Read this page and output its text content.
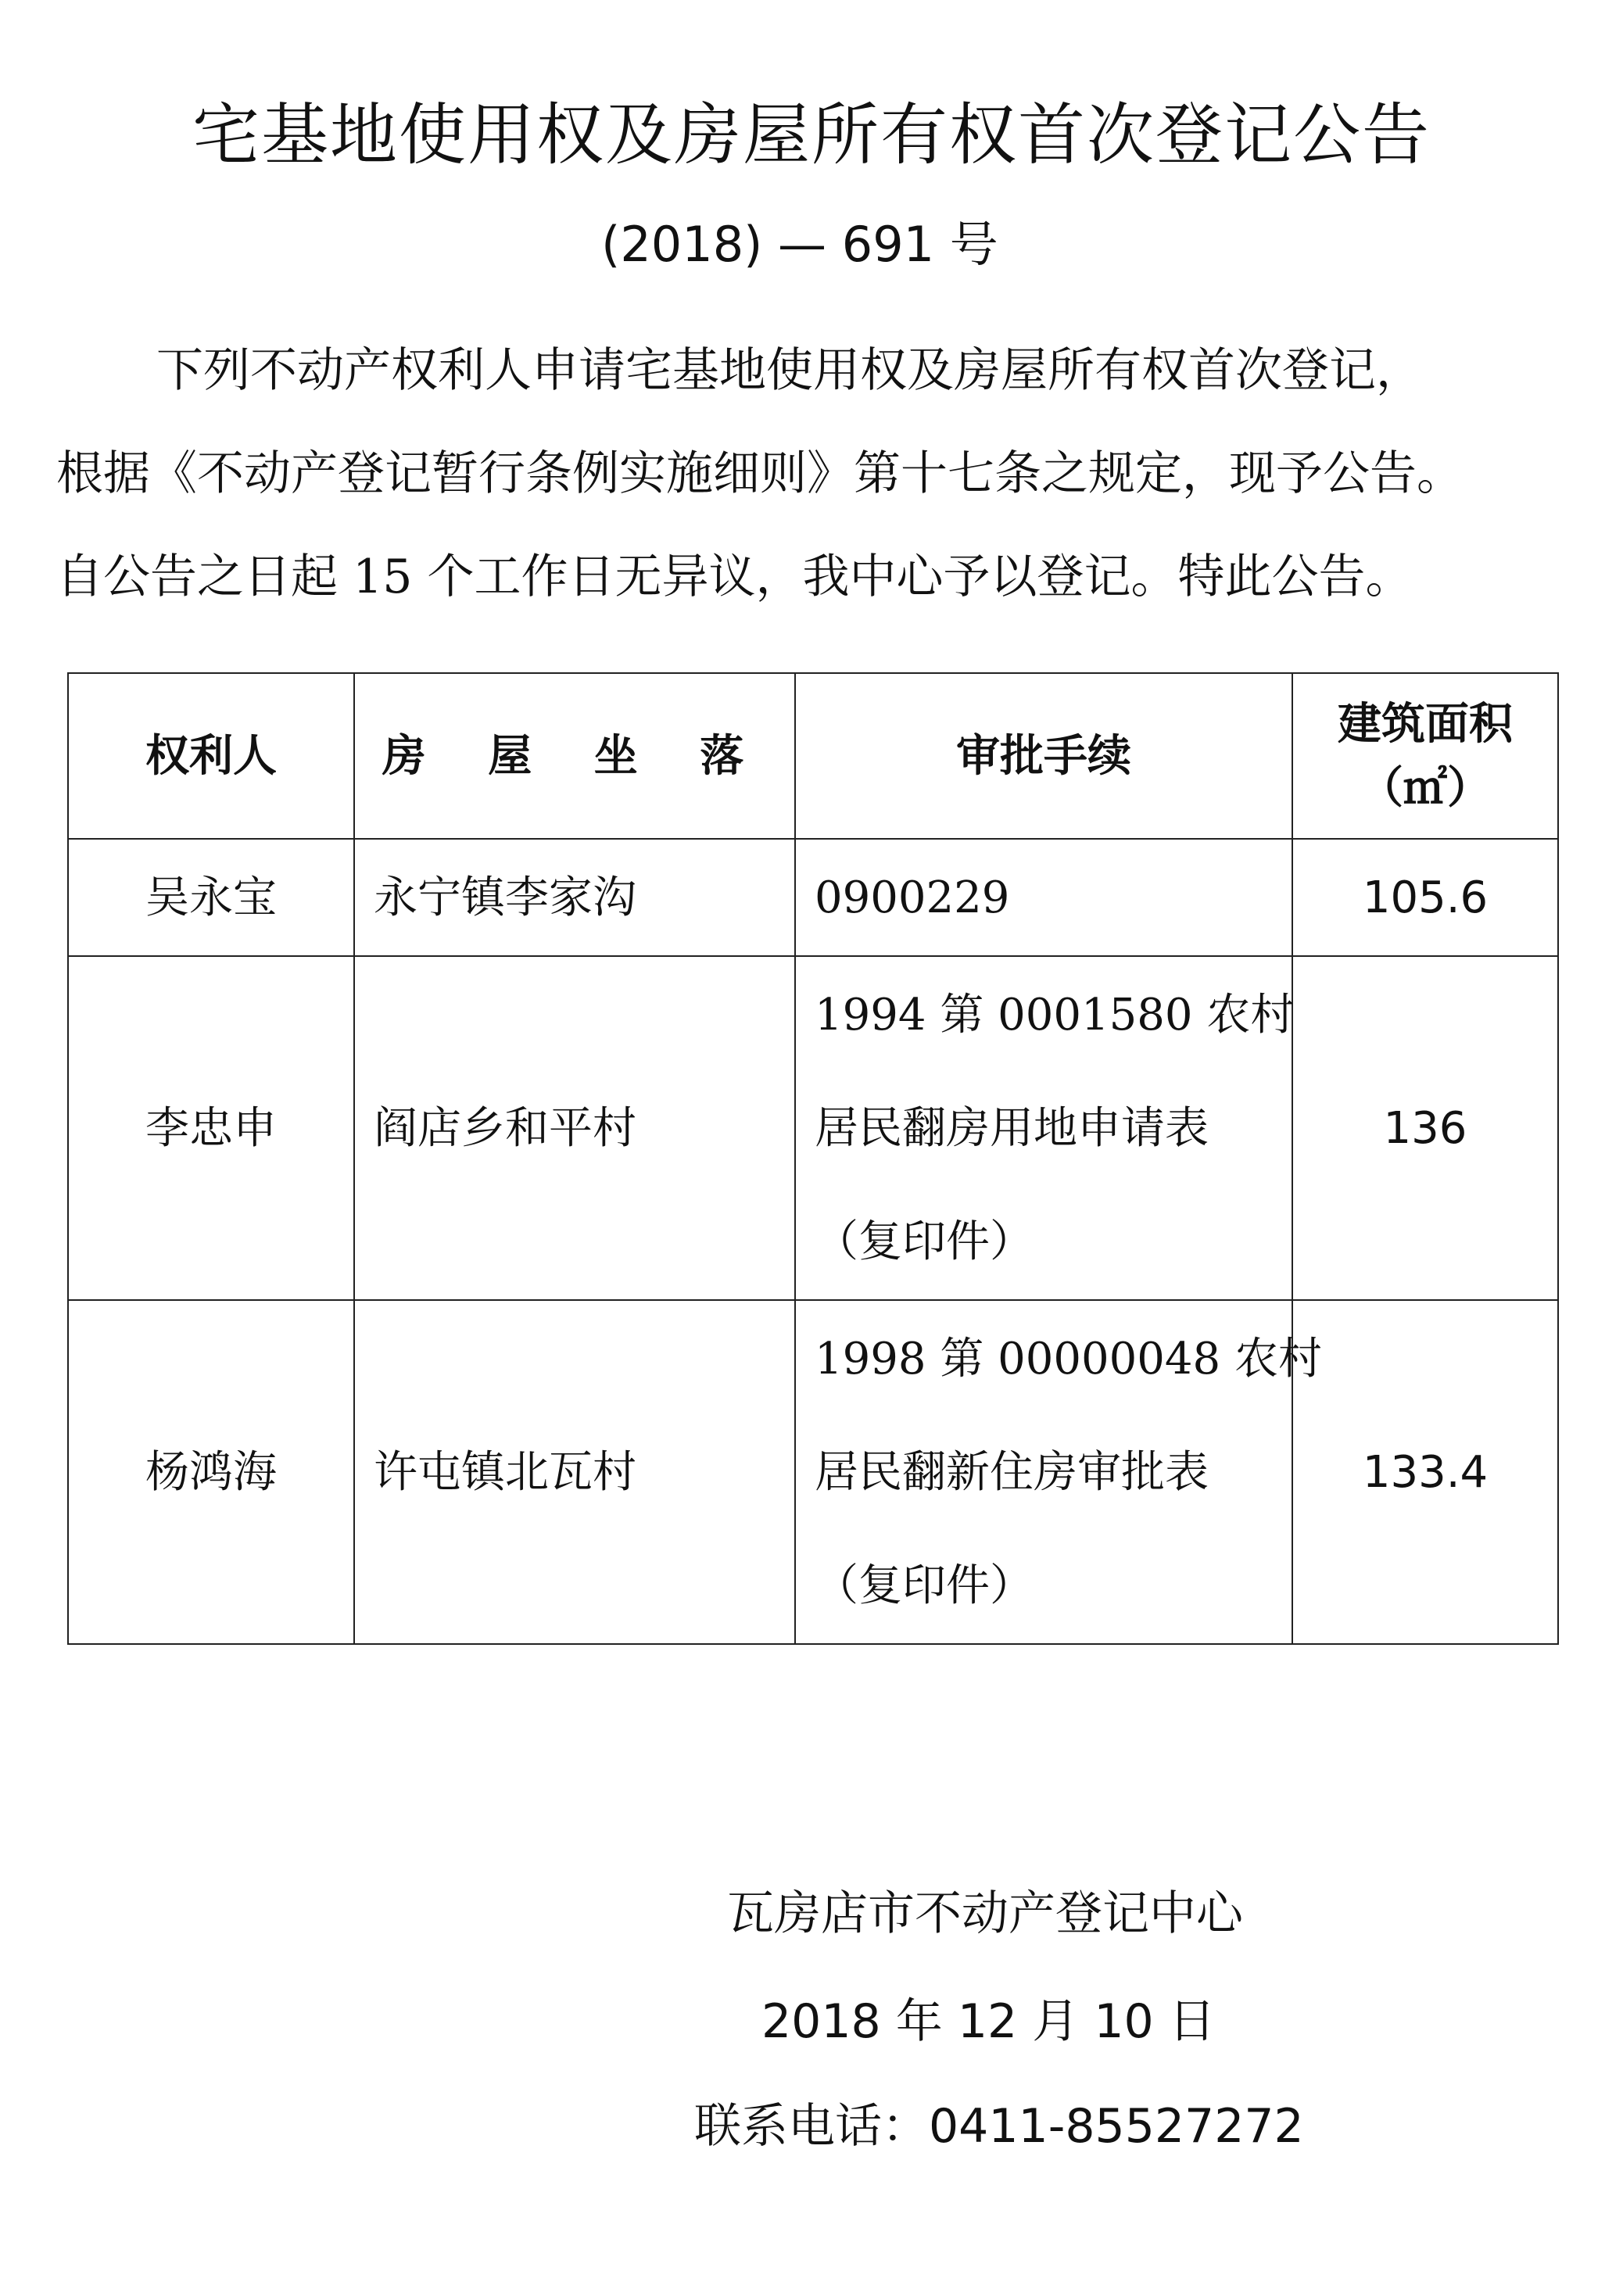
宅基地使用权及房屋所有权首次登记公告
(2018) — 691 号

下列不动产权利人申请宅基地使用权及房屋所有权首次登记，

根据《不动产登记暂行条例实施细则》第十七条之规定，现予公告。

自公告之日起 15 个工作日无异议，我中心予以登记。特此公告。

权利人	房 屋 坐 落	审批手续	建筑面积
（㎡）

吴永宝	永宁镇李家沟	0900229	105.6
李忠申	阎店乡和平村	1994 第 0001580 农村
居民翻房用地申请表
（复印件）	136
杨鸿海	许屯镇北瓦村	1998 第 00000048 农村
居民翻新住房审批表
（复印件）	133.4
瓦房店市不动产登记中心
2018 年 12 月 10 日
联系电话：0411-85527272
